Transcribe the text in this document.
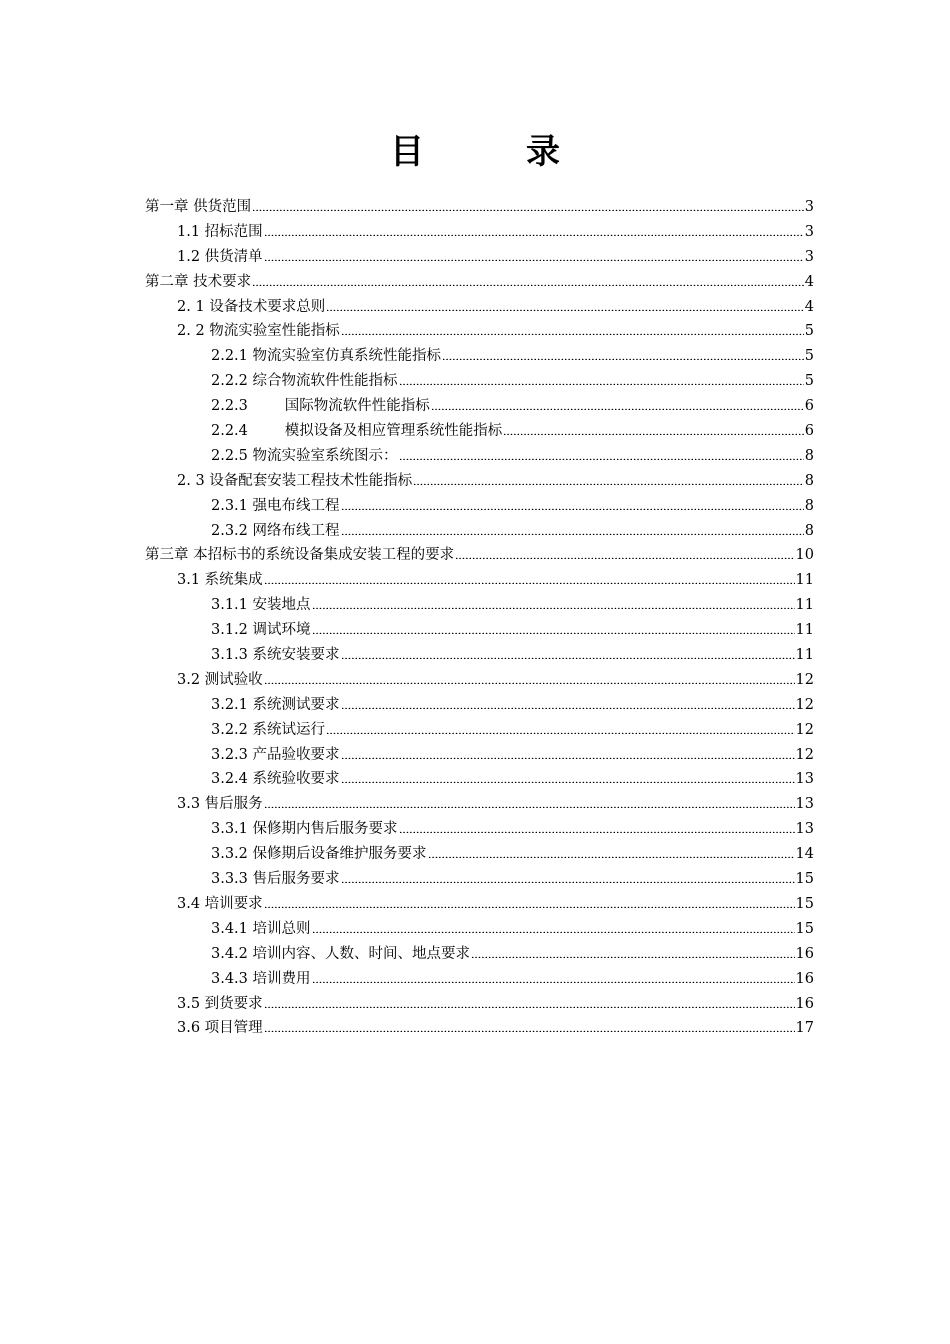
目　录
第一章 供货范围	3
1.1 招标范围	3
1.2 供货清单	3
第二章 技术要求	4
2. 1 设备技术要求总则	4
2. 2 物流实验室性能指标	5
2.2.1 物流实验室仿真系统性能指标	5
2.2.2 综合物流软件性能指标	5
2.2.3        国际物流软件性能指标	6
2.2.4        模拟设备及相应管理系统性能指标	6
2.2.5 物流实验室系统图示：	8
2. 3 设备配套安装工程技术性能指标	8
2.3.1 强电布线工程	8
2.3.2 网络布线工程	8
第三章 本招标书的系统设备集成安装工程的要求	10
3.1 系统集成	11
3.1.1 安装地点	11
3.1.2 调试环境	11
3.1.3 系统安装要求	11
3.2 测试验收	12
3.2.1 系统测试要求	12
3.2.2 系统试运行	12
3.2.3 产品验收要求	12
3.2.4 系统验收要求	13
3.3 售后服务	13
3.3.1 保修期内售后服务要求	13
3.3.2 保修期后设备维护服务要求	14
3.3.3 售后服务要求	15
3.4 培训要求	15
3.4.1 培训总则	15
3.4.2 培训内容、人数、时间、地点要求	16
3.4.3 培训费用	16
3.5 到货要求	16
3.6 项目管理	17
